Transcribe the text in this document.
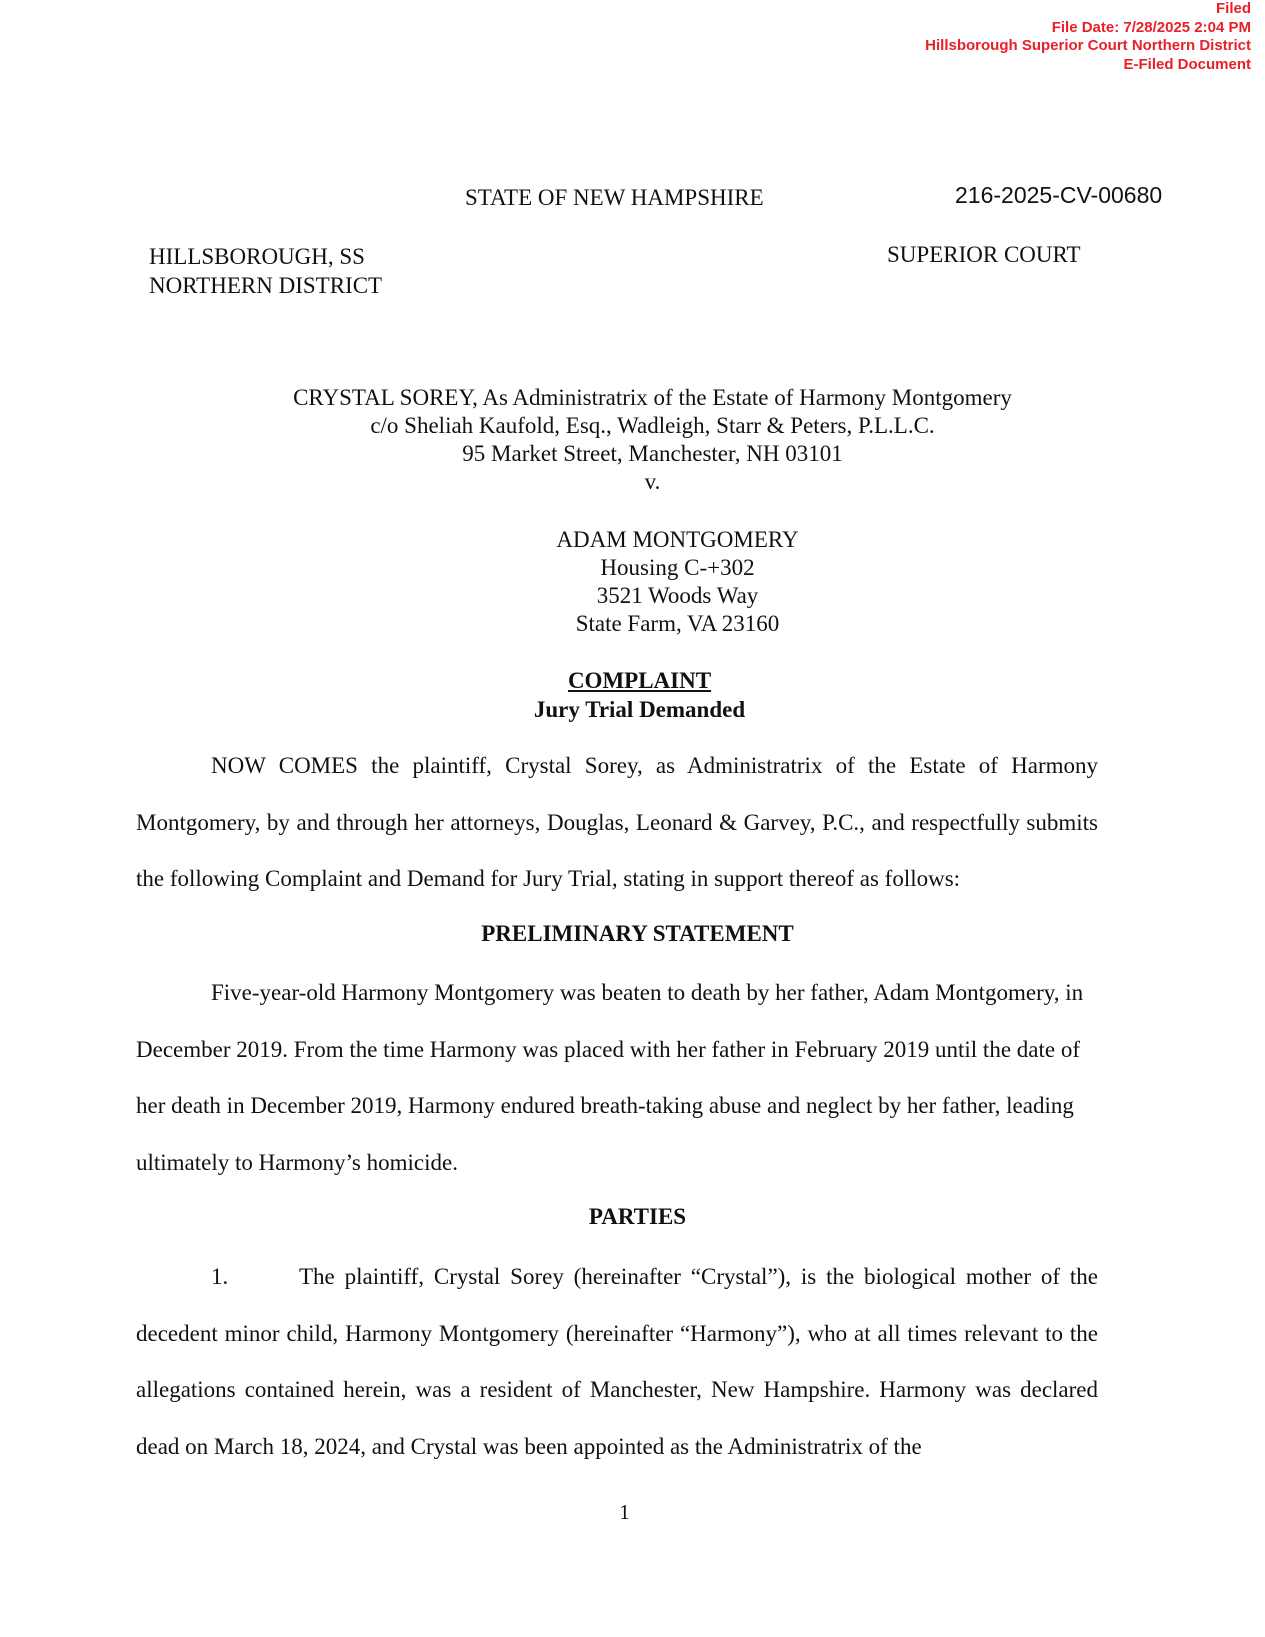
Filed
File Date: 7/28/2025 2:04 PM
Hillsborough Superior Court Northern District
E-Filed Document
STATE OF NEW HAMPSHIRE	216-2025-CV-00680
HILLSBOROUGH, SS
NORTHERN DISTRICT
SUPERIOR COURT
CRYSTAL SOREY, As Administratrix of the Estate of Harmony Montgomery
c/o Sheliah Kaufold, Esq., Wadleigh, Starr & Peters, P.L.L.C.
95 Market Street, Manchester, NH 03101
v.
ADAM MONTGOMERY
Housing C-+302
3521 Woods Way
State Farm, VA 23160
COMPLAINT
Jury Trial Demanded
NOW COMES the plaintiff, Crystal Sorey, as Administratrix of the Estate of Harmony Montgomery, by and through her attorneys, Douglas, Leonard & Garvey, P.C., and respectfully submits the following Complaint and Demand for Jury Trial, stating in support thereof as follows:
PRELIMINARY STATEMENT
Five-year-old Harmony Montgomery was beaten to death by her father, Adam Montgomery, in December 2019. From the time Harmony was placed with her father in February 2019 until the date of her death in December 2019, Harmony endured breath-taking abuse and neglect by her father, leading ultimately to Harmony’s homicide.
PARTIES
1.	The plaintiff, Crystal Sorey (hereinafter “Crystal”), is the biological mother of the decedent minor child, Harmony Montgomery (hereinafter “Harmony”), who at all times relevant to the allegations contained herein, was a resident of Manchester, New Hampshire. Harmony was declared dead on March 18, 2024, and Crystal was been appointed as the Administratrix of the
1
